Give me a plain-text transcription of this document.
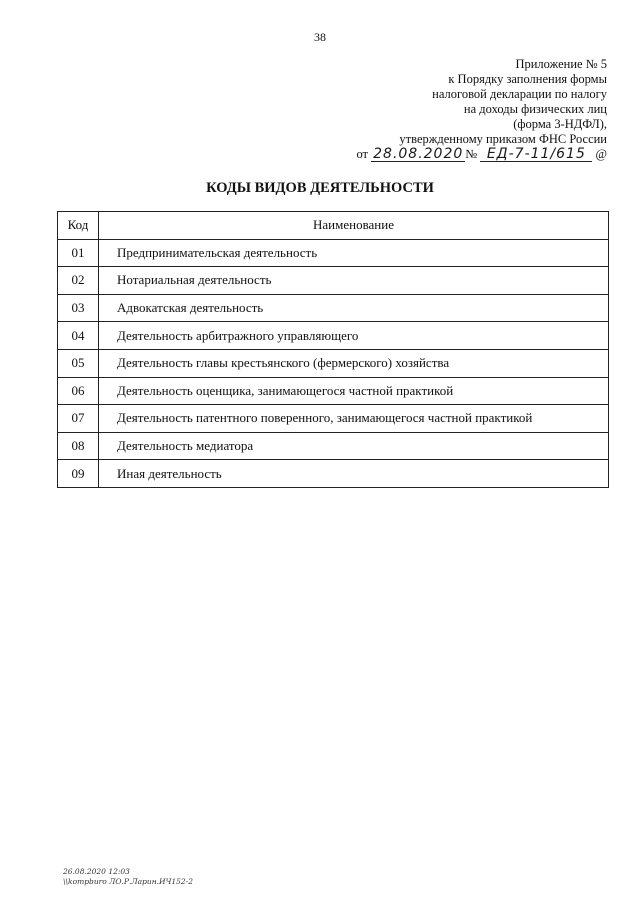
38
Приложение № 5
к Порядку заполнения формы
налоговой декларации по налогу
на доходы физических лиц
(форма 3-НДФЛ),
утвержденному приказом ФНС России
от 28.08.2020 № ЕД-7-11/615 @
КОДЫ ВИДОВ ДЕЯТЕЛЬНОСТИ
Код	Наименование
01	Предпринимательская деятельность
02	Нотариальная деятельность
03	Адвокатская деятельность
04	Деятельность арбитражного управляющего
05	Деятельность главы крестьянского (фермерского) хозяйства
06	Деятельность оценщика, занимающегося частной практикой
07	Деятельность патентного поверенного, занимающегося частной практикой
08	Деятельность медиатора
09	Иная деятельность
26.08.2020 12:03
\\kompburo ЛО.Р.Ларин.ИЧ152-2
